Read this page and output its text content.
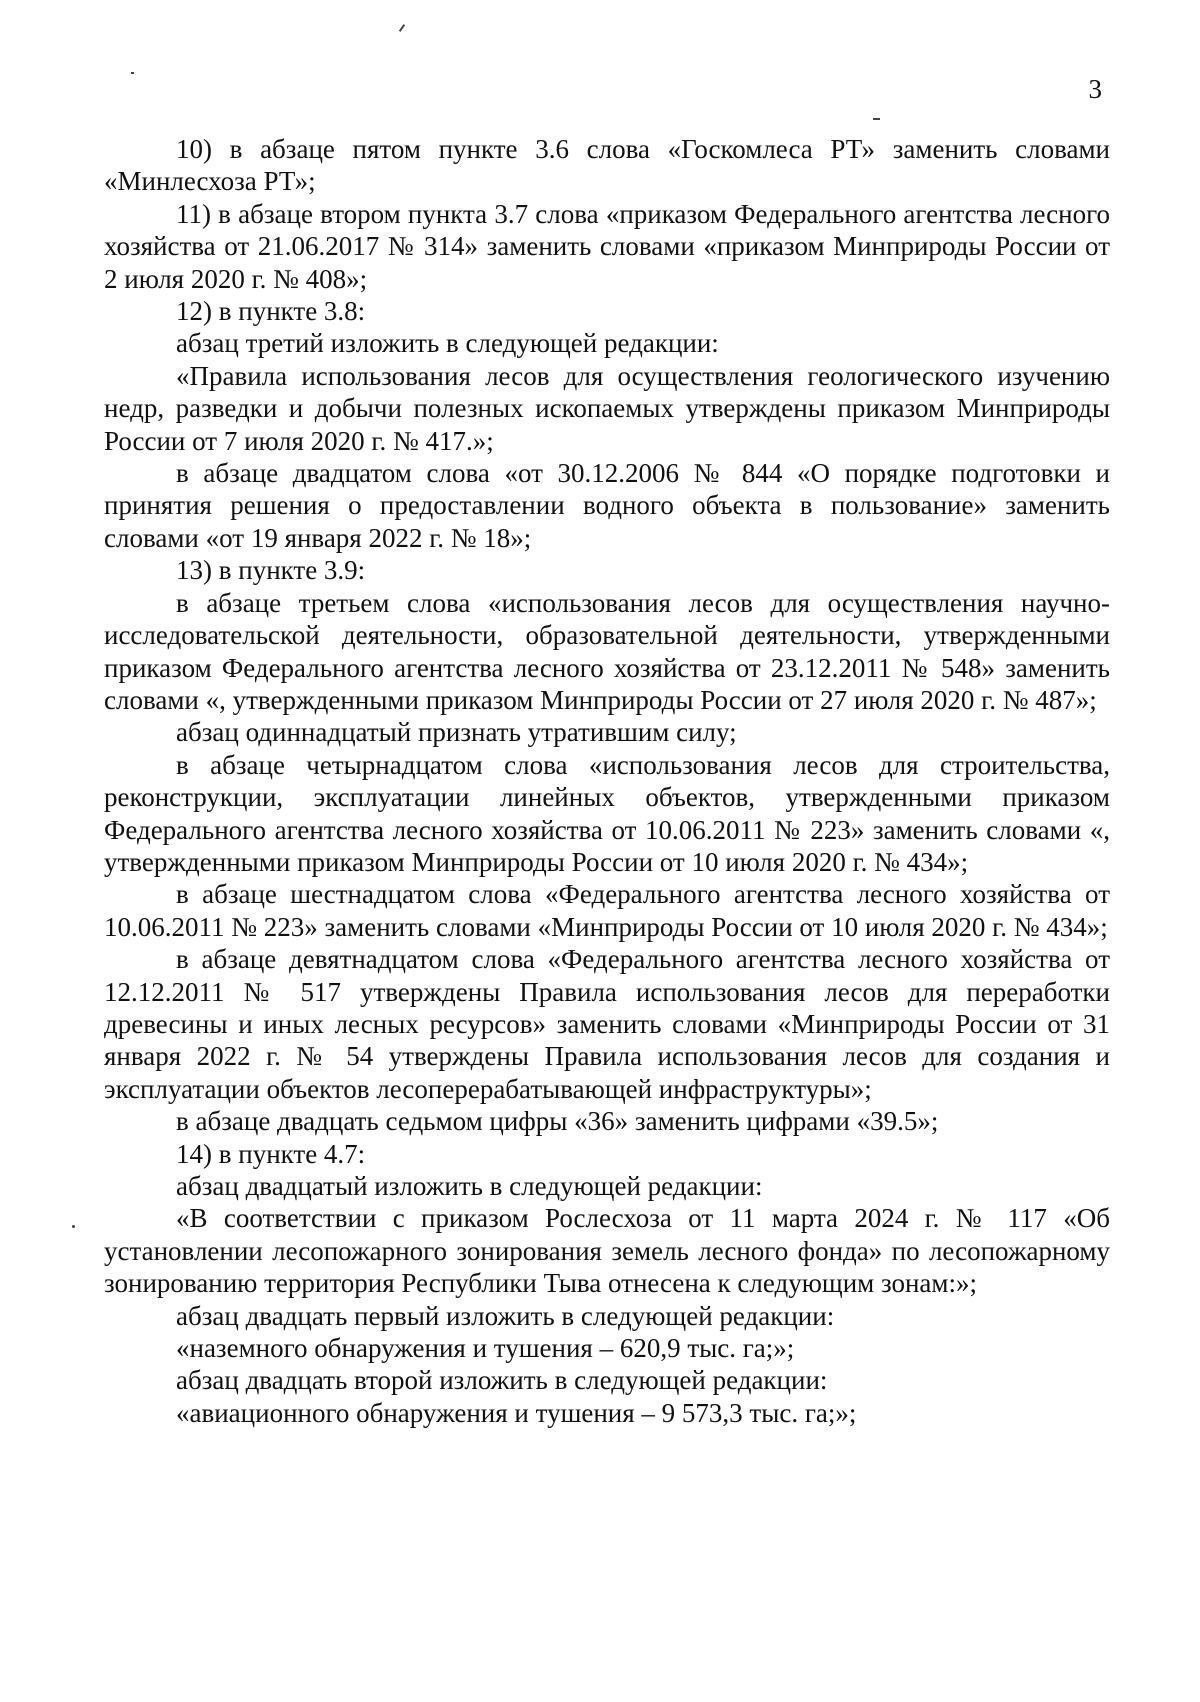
3

10) в абзаце пятом пункте 3.6 слова «Госкомлеса РТ» заменить словами «Минлесхоза РТ»;

11) в абзаце втором пункта 3.7 слова «приказом Федерального агентства лесного хозяйства от 21.06.2017 № 314» заменить словами «приказом Минприроды России от 2 июля 2020 г. № 408»;

12) в пункте 3.8:

абзац третий изложить в следующей редакции:

«Правила использования лесов для осуществления геологического изучению недр, разведки и добычи полезных ископаемых утверждены приказом Минприроды России от 7 июля 2020 г. № 417.»;

в абзаце двадцатом слова «от 30.12.2006 № 844 «О порядке подготовки и принятия решения о предоставлении водного объекта в пользование» заменить словами «от 19 января 2022 г. № 18»;

13) в пункте 3.9:

в абзаце третьем слова «использования лесов для осуществления научно-исследовательской деятельности, образовательной деятельности, утвержденными приказом Федерального агентства лесного хозяйства от 23.12.2011 № 548» заменить словами «, утвержденными приказом Минприроды России от 27 июля 2020 г. № 487»;

абзац одиннадцатый признать утратившим силу;

в абзаце четырнадцатом слова «использования лесов для строительства, реконструкции, эксплуатации линейных объектов, утвержденными приказом Федерального агентства лесного хозяйства от 10.06.2011 № 223» заменить словами «, утвержденными приказом Минприроды России от 10 июля 2020 г. № 434»;

в абзаце шестнадцатом слова «Федерального агентства лесного хозяйства от 10.06.2011 № 223» заменить словами «Минприроды России от 10 июля 2020 г. № 434»;

в абзаце девятнадцатом слова «Федерального агентства лесного хозяйства от 12.12.2011 № 517 утверждены Правила использования лесов для переработки древесины и иных лесных ресурсов» заменить словами «Минприроды России от 31 января 2022 г. № 54 утверждены Правила использования лесов для создания и эксплуатации объектов лесоперерабатывающей инфраструктуры»;

в абзаце двадцать седьмом цифры «36» заменить цифрами «39.5»;

14) в пункте 4.7:

абзац двадцатый изложить в следующей редакции:

«В соответствии с приказом Рослесхоза от 11 марта 2024 г. № 117 «Об установлении лесопожарного зонирования земель лесного фонда» по лесопожарному зонированию территория Республики Тыва отнесена к следующим зонам:»;

абзац двадцать первый изложить в следующей редакции:

«наземного обнаружения и тушения – 620,9 тыс. га;»;

абзац двадцать второй изложить в следующей редакции:

«авиационного обнаружения и тушения – 9 573,3 тыс. га;»;
